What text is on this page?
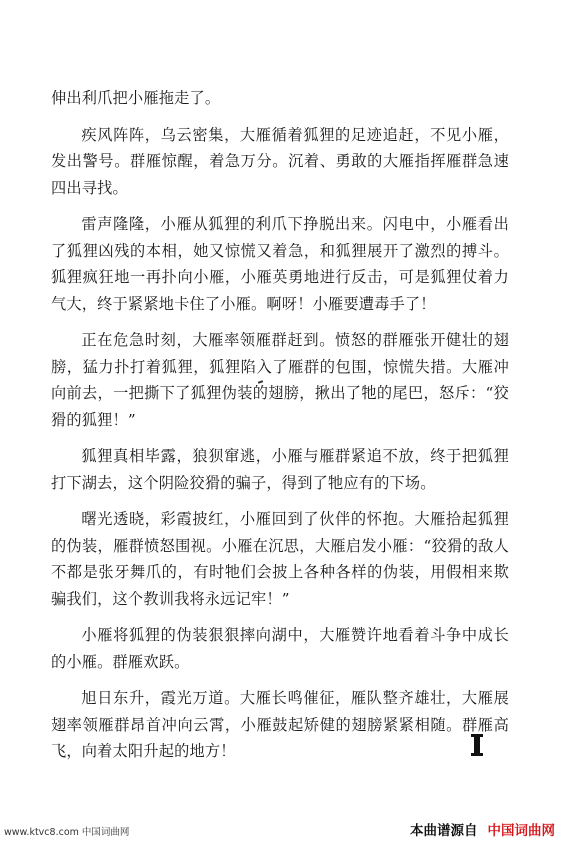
伸出利爪把小雁拖走了。

疾风阵阵，乌云密集，大雁循着狐狸的足迹追赶，不见小雁，发出警号。群雁惊醒，着急万分。沉着、勇敢的大雁指挥雁群急速四出寻找。

雷声隆隆，小雁从狐狸的利爪下挣脱出来。闪电中，小雁看出了狐狸凶残的本相，她又惊慌又着急，和狐狸展开了激烈的搏斗。狐狸疯狂地一再扑向小雁，小雁英勇地进行反击，可是狐狸仗着力气大，终于紧紧地卡住了小雁。啊呀！小雁要遭毒手了！

正在危急时刻，大雁率领雁群赶到。愤怒的群雁张开健壮的翅膀，猛力扑打着狐狸，狐狸陷入了雁群的包围，惊慌失措。大雁冲向前去，一把撕下了狐狸伪装的翅膀，揪出了牠的尾巴，怒斥：“狡猾的狐狸！”

狐狸真相毕露，狼狈窜逃，小雁与雁群紧追不放，终于把狐狸打下湖去，这个阴险狡猾的骗子，得到了牠应有的下场。

曙光透晓，彩霞披红，小雁回到了伙伴的怀抱。大雁拾起狐狸的伪装，雁群愤怒围视。小雁在沉思，大雁启发小雁：“狡猾的敌人不都是张牙舞爪的，有时牠们会披上各种各样的伪装，用假相来欺骗我们，这个教训我将永远记牢！”

小雁将狐狸的伪装狠狠摔向湖中，大雁赞许地看着斗争中成长的小雁。群雁欢跃。

旭日东升，霞光万道。大雁长鸣催征，雁队整齐雄壮，大雁展翅率领雁群昂首冲向云霄，小雁鼓起矫健的翅膀紧紧相随。群雁高飞，向着太阳升起的地方！

www.ktvc8.com 中国词曲网	本曲谱源自 中国词曲网
